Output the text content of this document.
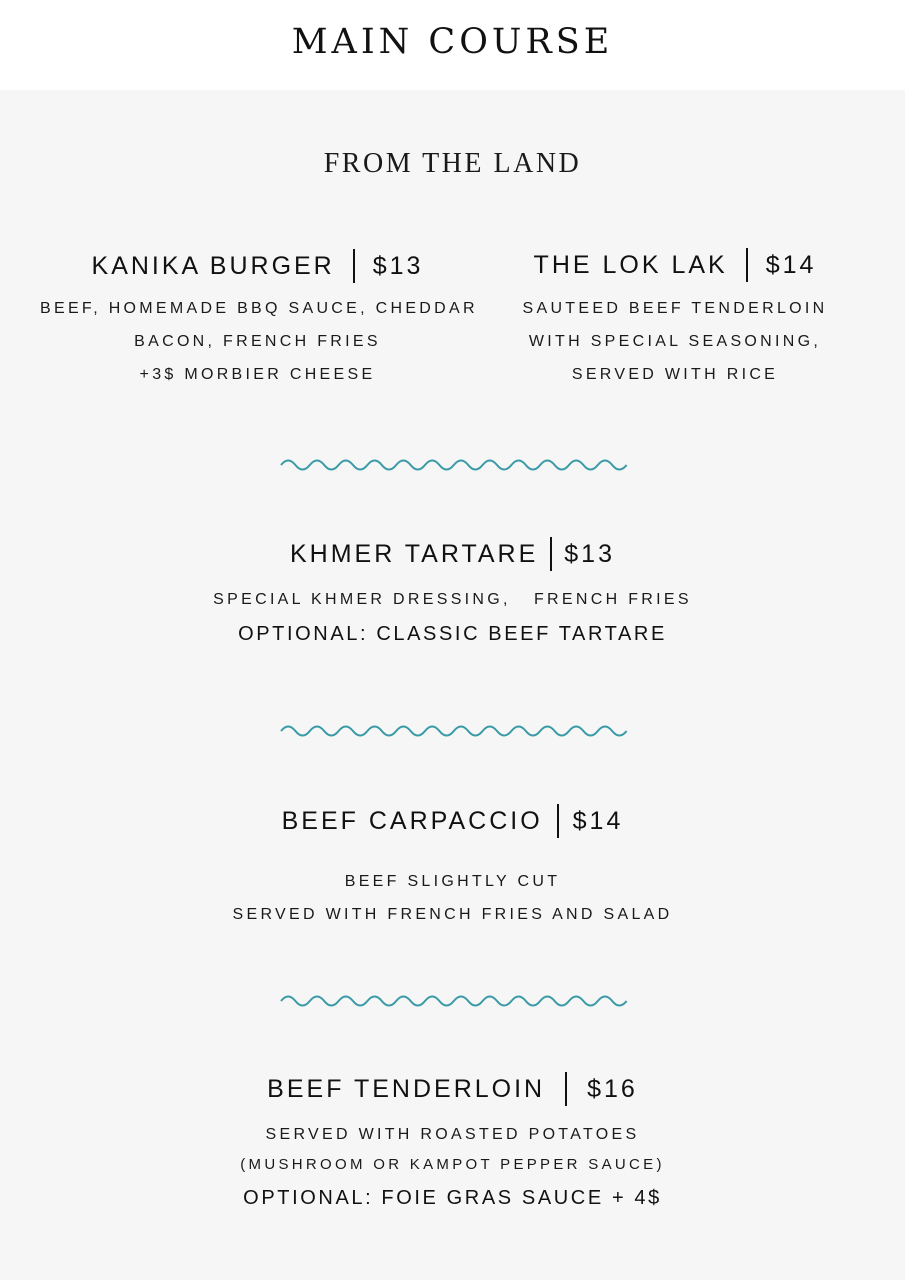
MAIN COURSE
FROM THE LAND
KANIKA BURGER $13
BEEF, HOMEMADE BBQ SAUCE, CHEDDAR
BACON, FRENCH FRIES
+3$ MORBIER CHEESE
THE LOK LAK $14
SAUTEED BEEF TENDERLOIN
WITH SPECIAL SEASONING,
SERVED WITH RICE
KHMER TARTARE $13
SPECIAL KHMER DRESSING,   FRENCH FRIES
OPTIONAL: CLASSIC BEEF TARTARE
BEEF CARPACCIO $14
BEEF SLIGHTLY CUT
SERVED WITH FRENCH FRIES AND SALAD
BEEF TENDERLOIN $16
SERVED WITH ROASTED POTATOES
(MUSHROOM OR KAMPOT PEPPER SAUCE)
OPTIONAL: FOIE GRAS SAUCE + 4$
